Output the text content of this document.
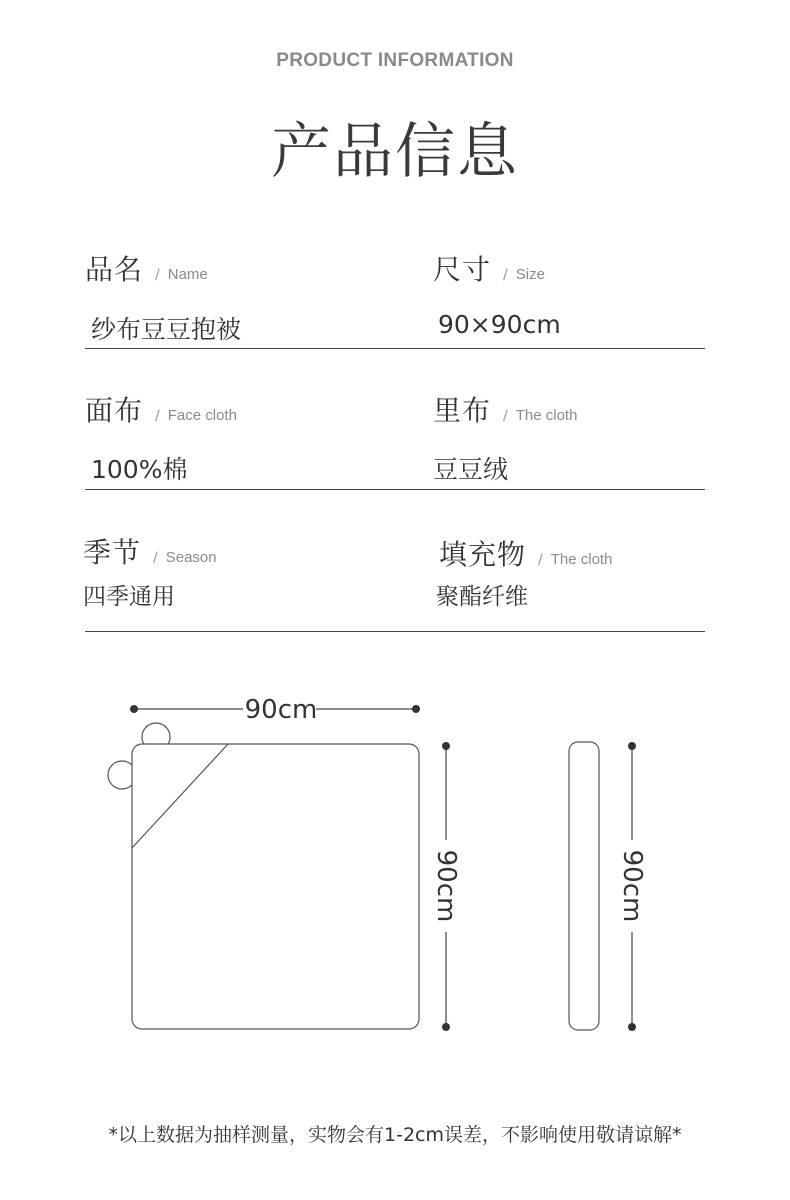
PRODUCT INFORMATION
产品信息
品名 / Name
纱布豆豆抱被
尺寸 / Size
90×90cm
面布 / Face cloth
100%棉
里布 / The cloth
豆豆绒
季节 / Season
四季通用
填充物 / The cloth
聚酯纤维
90cm
90cm	90cm
*以上数据为抽样测量，实物会有1-2cm误差，不影响使用敬请谅解*
